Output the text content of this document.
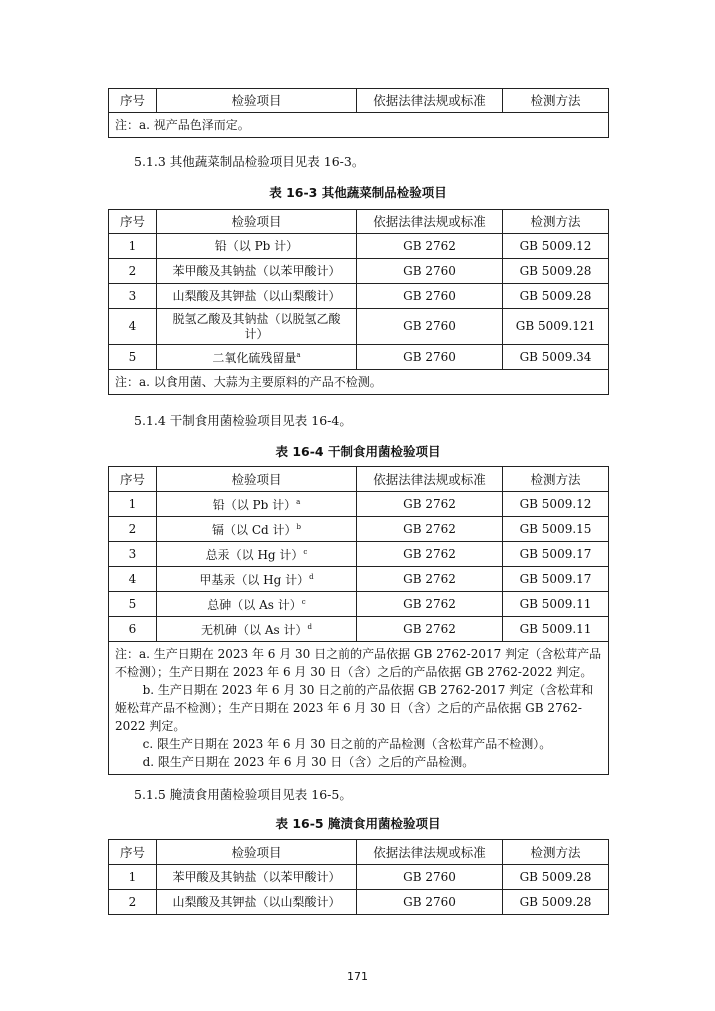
序号	检验项目	依据法律法规或标准	检测方法
注：a. 视产品色泽而定。
5.1.3 其他蔬菜制品检验项目见表 16-3。
表 16-3 其他蔬菜制品检验项目
序号	检验项目	依据法律法规或标准	检测方法
1	铅（以 Pb 计）	GB 2762	GB 5009.12
2	苯甲酸及其钠盐（以苯甲酸计）	GB 2760	GB 5009.28
3	山梨酸及其钾盐（以山梨酸计）	GB 2760	GB 5009.28
4	脱氢乙酸及其钠盐（以脱氢乙酸计）	GB 2760	GB 5009.121
5	二氧化硫残留量$^a$	GB 2760	GB 5009.34
注：a. 以食用菌、大蒜为主要原料的产品不检测。			
5.1.4 干制食用菌检验项目见表 16-4。
表 16-4 干制食用菌检验项目
序号	检验项目	依据法律法规或标准	检测方法
1	铅（以 Pb 计）$^a$	GB 2762	GB 5009.12
2	镉（以 Cd 计）$^b$	GB 2762	GB 5009.15
3	总汞（以 Hg 计）$^c$	GB 2762	GB 5009.17
4	甲基汞（以 Hg 计）$^d$	GB 2762	GB 5009.17
5	总砷（以 As 计）$^c$	GB 2762	GB 5009.11
6	无机砷（以 As 计）$^d$	GB 2762	GB 5009.11

注：a. 生产日期在 2023 年 6 月 30 日之前的产品依据 GB 2762-2017 判定（含松茸产品不检测）；生产日期在 2023 年 6 月 30 日（含）之后的产品依据 GB 2762-2022 判定。
b. 生产日期在 2023 年 6 月 30 日之前的产品依据 GB 2762-2017 判定（含松茸和姬松茸产品不检测）；生产日期在 2023 年 6 月 30 日（含）之后的产品依据 GB 2762-2022 判定。
c. 限生产日期在 2023 年 6 月 30 日之前的产品检测（含松茸产品不检测）。
d. 限生产日期在 2023 年 6 月 30 日（含）之后的产品检测。			
5.1.5 腌渍食用菌检验项目见表 16-5。
表 16-5 腌渍食用菌检验项目
序号	检验项目	依据法律法规或标准	检测方法
1	苯甲酸及其钠盐（以苯甲酸计）	GB 2760	GB 5009.28
2	山梨酸及其钾盐（以山梨酸计）	GB 2760	GB 5009.28
171
